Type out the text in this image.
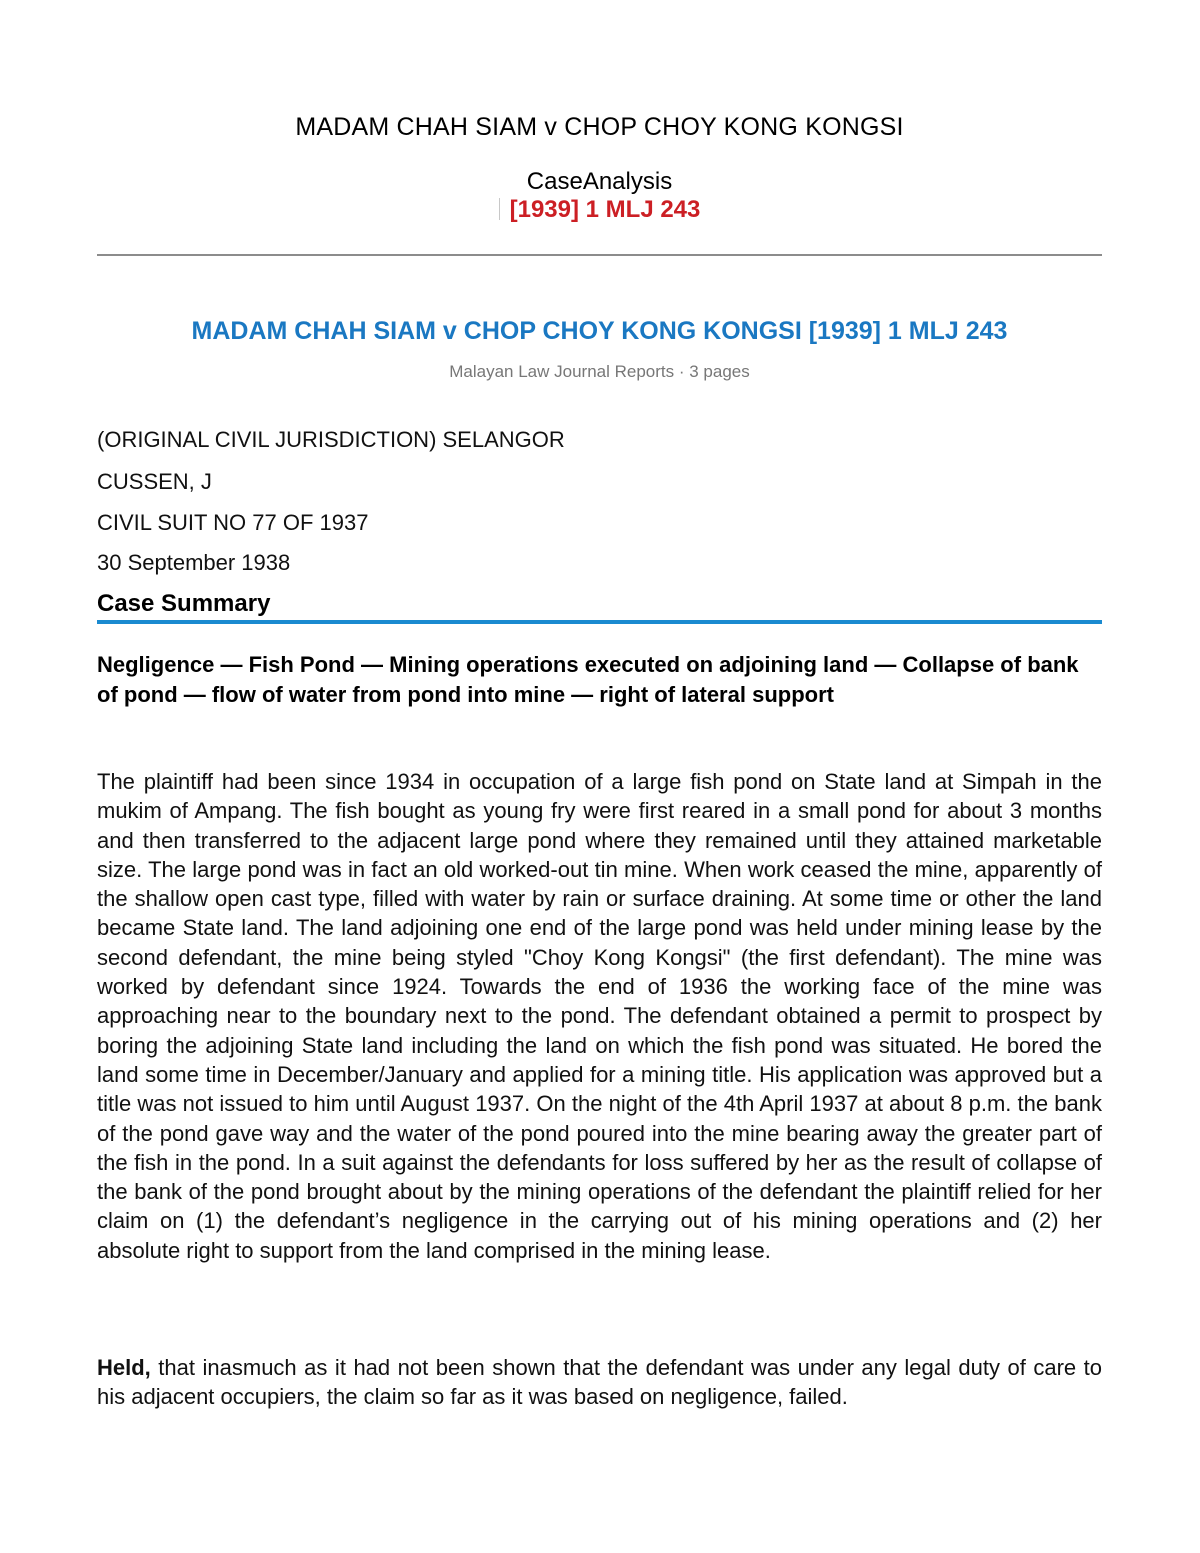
MADAM CHAH SIAM v CHOP CHOY KONG KONGSI
CaseAnalysis
[1939] 1 MLJ 243
MADAM CHAH SIAM v CHOP CHOY KONG KONGSI [1939] 1 MLJ 243
Malayan Law Journal Reports · 3 pages
(ORIGINAL CIVIL JURISDICTION) SELANGOR
CUSSEN, J
CIVIL SUIT NO 77 OF 1937
30 September 1938
Case Summary
Negligence — Fish Pond — Mining operations executed on adjoining land — Collapse of bank of pond — flow of water from pond into mine — right of lateral support
The plaintiff had been since 1934 in occupation of a large fish pond on State land at Simpah in the mukim of Ampang. The fish bought as young fry were first reared in a small pond for about 3 months and then transferred to the adjacent large pond where they remained until they attained marketable size. The large pond was in fact an old worked-out tin mine. When work ceased the mine, apparently of the shallow open cast type, filled with water by rain or surface draining. At some time or other the land became State land. The land adjoining one end of the large pond was held under mining lease by the second defendant, the mine being styled "Choy Kong Kongsi" (the first defendant). The mine was worked by defendant since 1924. Towards the end of 1936 the working face of the mine was approaching near to the boundary next to the pond. The defendant obtained a permit to prospect by boring the adjoining State land including the land on which the fish pond was situated. He bored the land some time in December/January and applied for a mining title. His application was approved but a title was not issued to him until August 1937. On the night of the 4th April 1937 at about 8 p.m. the bank of the pond gave way and the water of the pond poured into the mine bearing away the greater part of the fish in the pond. In a suit against the defendants for loss suffered by her as the result of collapse of the bank of the pond brought about by the mining operations of the defendant the plaintiff relied for her claim on (1) the defendant’s negligence in the carrying out of his mining operations and (2) her absolute right to support from the land comprised in the mining lease.
Held, that inasmuch as it had not been shown that the defendant was under any legal duty of care to his adjacent occupiers, the claim so far as it was based on negligence, failed.
